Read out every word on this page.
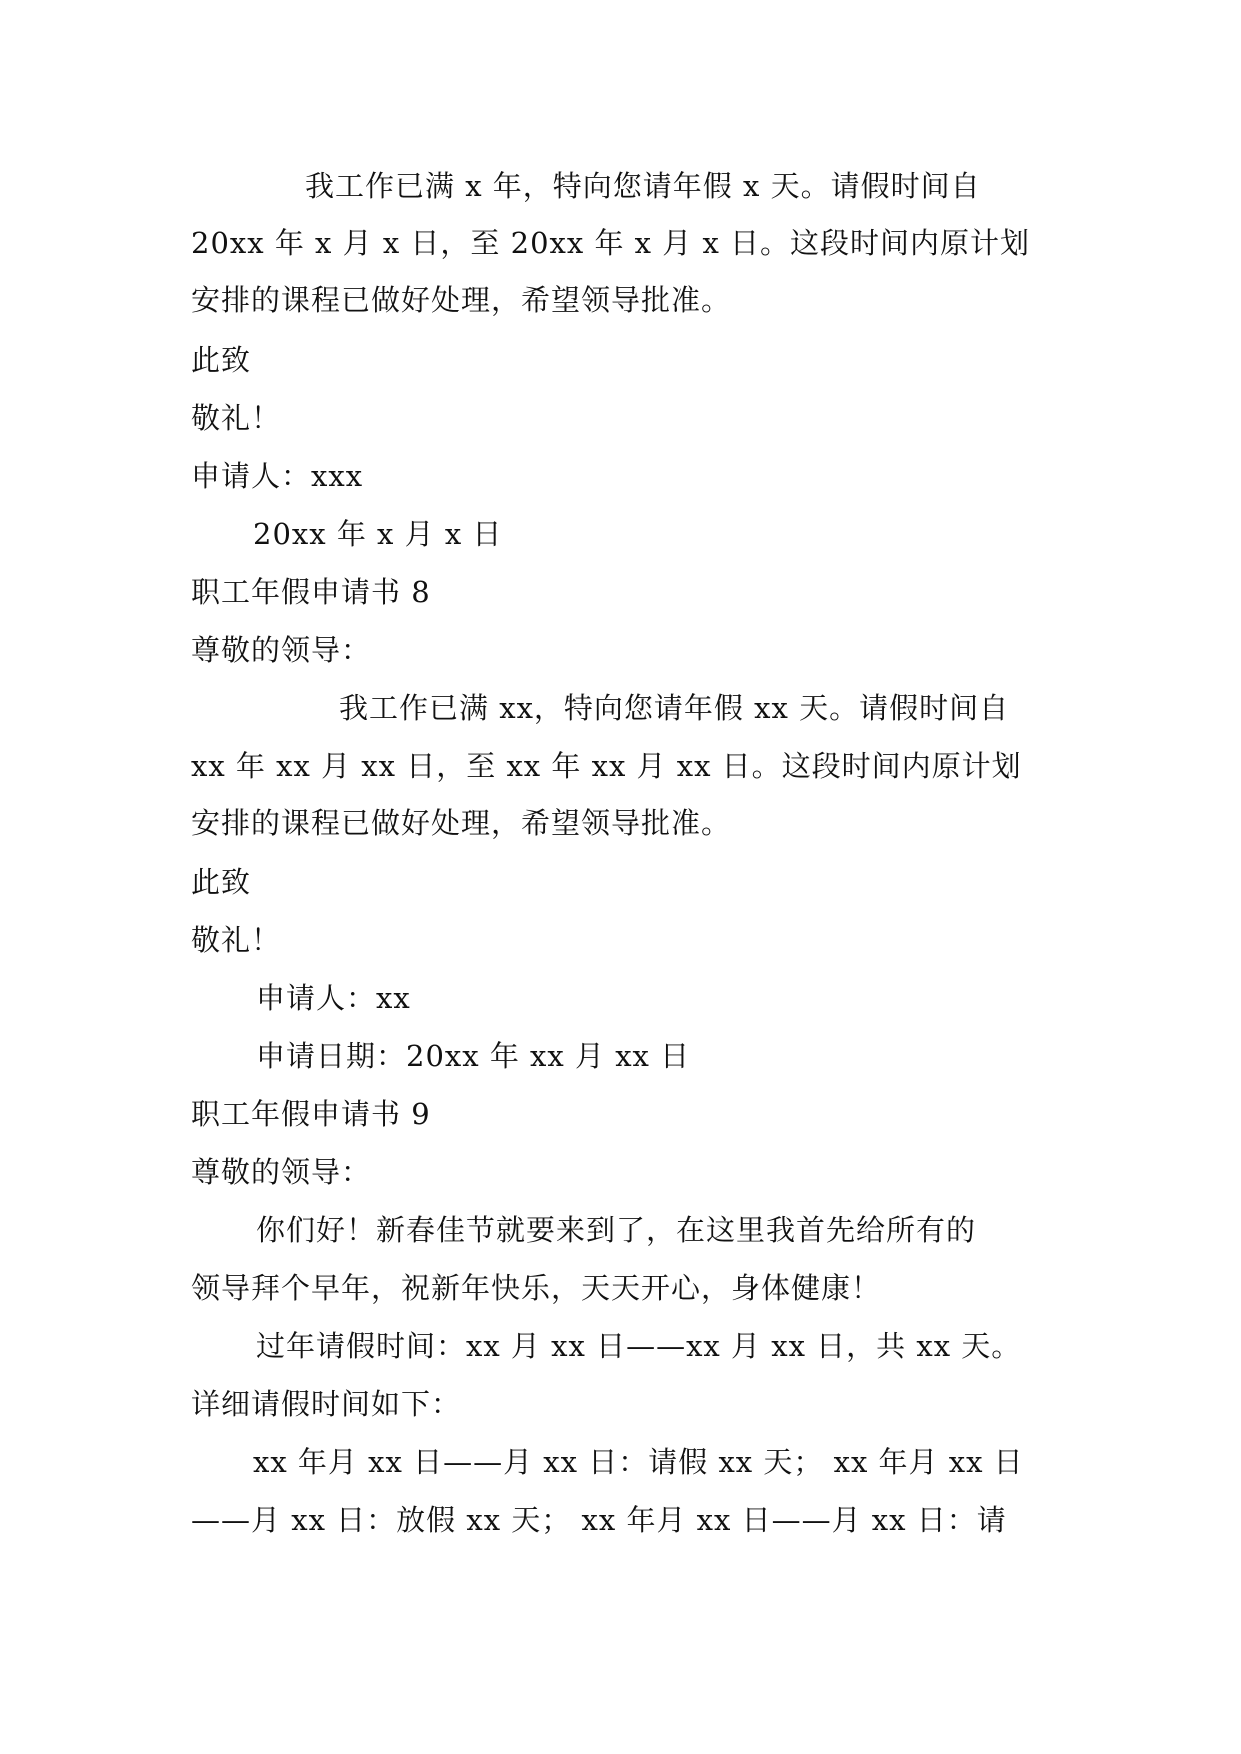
我工作已满 x 年，特向您请年假 x 天。请假时间自
20xx 年 x 月 x 日，至 20xx 年 x 月 x 日。这段时间内原计划
安排的课程已做好处理，希望领导批准。
此致
敬礼！
申请人：xxx
20xx 年 x 月 x 日
职工年假申请书 8
尊敬的领导：
我工作已满 xx，特向您请年假 xx 天。请假时间自
xx 年 xx 月 xx 日，至 xx 年 xx 月 xx 日。这段时间内原计划
安排的课程已做好处理，希望领导批准。
此致
敬礼！
申请人：xx
申请日期：20xx 年 xx 月 xx 日
职工年假申请书 9
尊敬的领导：
你们好！新春佳节就要来到了，在这里我首先给所有的
领导拜个早年，祝新年快乐，天天开心，身体健康！
过年请假时间：xx 月 xx 日——xx 月 xx 日，共 xx 天。
详细请假时间如下：
xx 年月 xx 日——月 xx 日：请假 xx 天； xx 年月 xx 日
——月 xx 日：放假 xx 天； xx 年月 xx 日——月 xx 日：请
